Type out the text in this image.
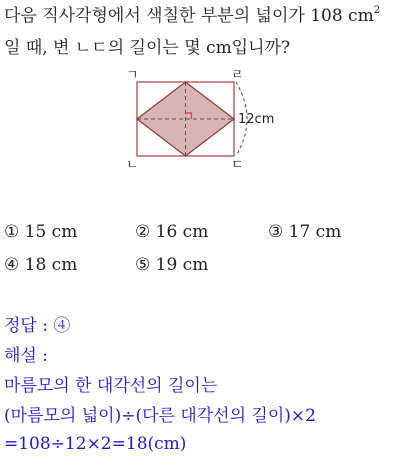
다음 직사각형에서 색칠한 부분의 넓이가 108 $cm^2$
일 때, 변 ㄴㄷ의 길이는 몇 cm입니까?
ㄱ	ㄹ
ㄴ	ㄷ
12cm
① 15 cm	② 16 cm	③ 17 cm
④ 18 cm	⑤ 19 cm
정답 : ④
해설 :
마름모의 한 대각선의 길이는
(마름모의 넓이)÷(다른 대각선의 길이)×2
=108÷12×2=18(cm)
